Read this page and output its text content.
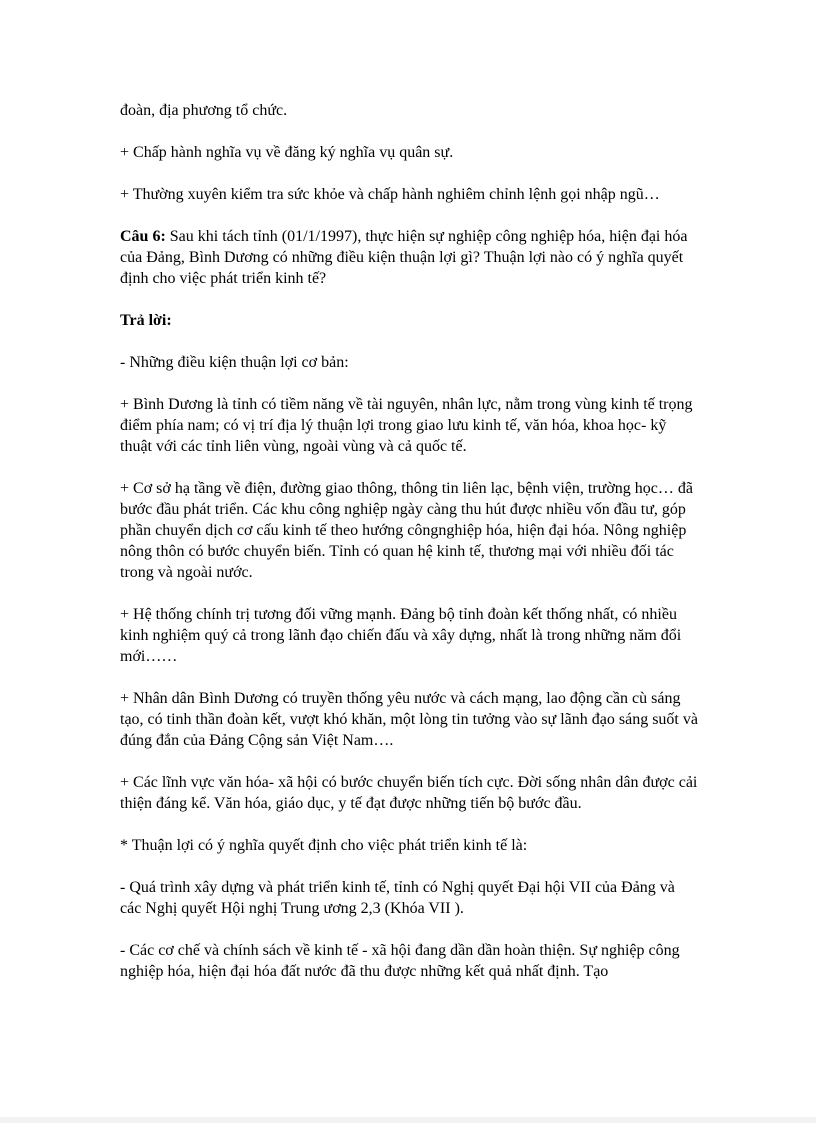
đoàn, địa phương tổ chức.

+ Chấp hành nghĩa vụ về đăng ký nghĩa vụ quân sự.

+ Thường xuyên kiểm tra sức khỏe và chấp hành nghiêm chỉnh lệnh gọi nhập ngũ…

Câu 6: Sau khi tách tỉnh (01/1/1997), thực hiện sự nghiệp công nghiệp hóa, hiện đại hóa của Đảng, Bình Dương có những điều kiện thuận lợi gì? Thuận lợi nào có ý nghĩa quyết định cho việc phát triển kinh tế?

Trả lời:

- Những điều kiện thuận lợi cơ bản:

+ Bình Dương là tỉnh có tiềm năng về tài nguyên, nhân lực, nằm trong vùng kinh tế trọng điểm phía nam; có vị trí địa lý thuận lợi trong giao lưu kinh tế, văn hóa, khoa học- kỹ thuật với các tỉnh liên vùng, ngoài vùng và cả quốc tế.

+ Cơ sở hạ tầng về điện, đường giao thông, thông tin liên lạc, bệnh viện, trường học… đã bước đầu phát triển. Các khu công nghiệp ngày càng thu hút được nhiều vốn đầu tư, góp phần chuyển dịch cơ cấu kinh tế theo hướng côngnghiệp hóa, hiện đại hóa. Nông nghiệp nông thôn có bước chuyển biến. Tỉnh có quan hệ kinh tế, thương mại với nhiều đối tác trong và ngoài nước.

+ Hệ thống chính trị tương đối vững mạnh. Đảng bộ tỉnh đoàn kết thống nhất, có nhiều kinh nghiệm quý cả trong lãnh đạo chiến đấu và xây dựng, nhất là trong những năm đổi mới……

+ Nhân dân Bình Dương có truyền thống yêu nước và cách mạng, lao động cần cù sáng tạo, có tinh thần đoàn kết, vượt khó khăn, một lòng tin tưởng vào sự lãnh đạo sáng suốt và đúng đắn của Đảng Cộng sản Việt Nam….

+ Các lĩnh vực văn hóa- xã hội có bước chuyển biến tích cực. Đời sống nhân dân được cải thiện đáng kể. Văn hóa, giáo dục, y tế đạt được những tiến bộ bước đầu.

* Thuận lợi có ý nghĩa quyết định cho việc phát triển kinh tế là:

- Quá trình xây dựng và phát triển kinh tế, tỉnh có Nghị quyết Đại hội VII của Đảng và các Nghị quyết Hội nghị Trung ương 2,3 (Khóa VII ).

- Các cơ chế và chính sách về kinh tế - xã hội đang dần dần hoàn thiện. Sự nghiệp công nghiệp hóa, hiện đại hóa đất nước đã thu được những kết quả nhất định. Tạo
